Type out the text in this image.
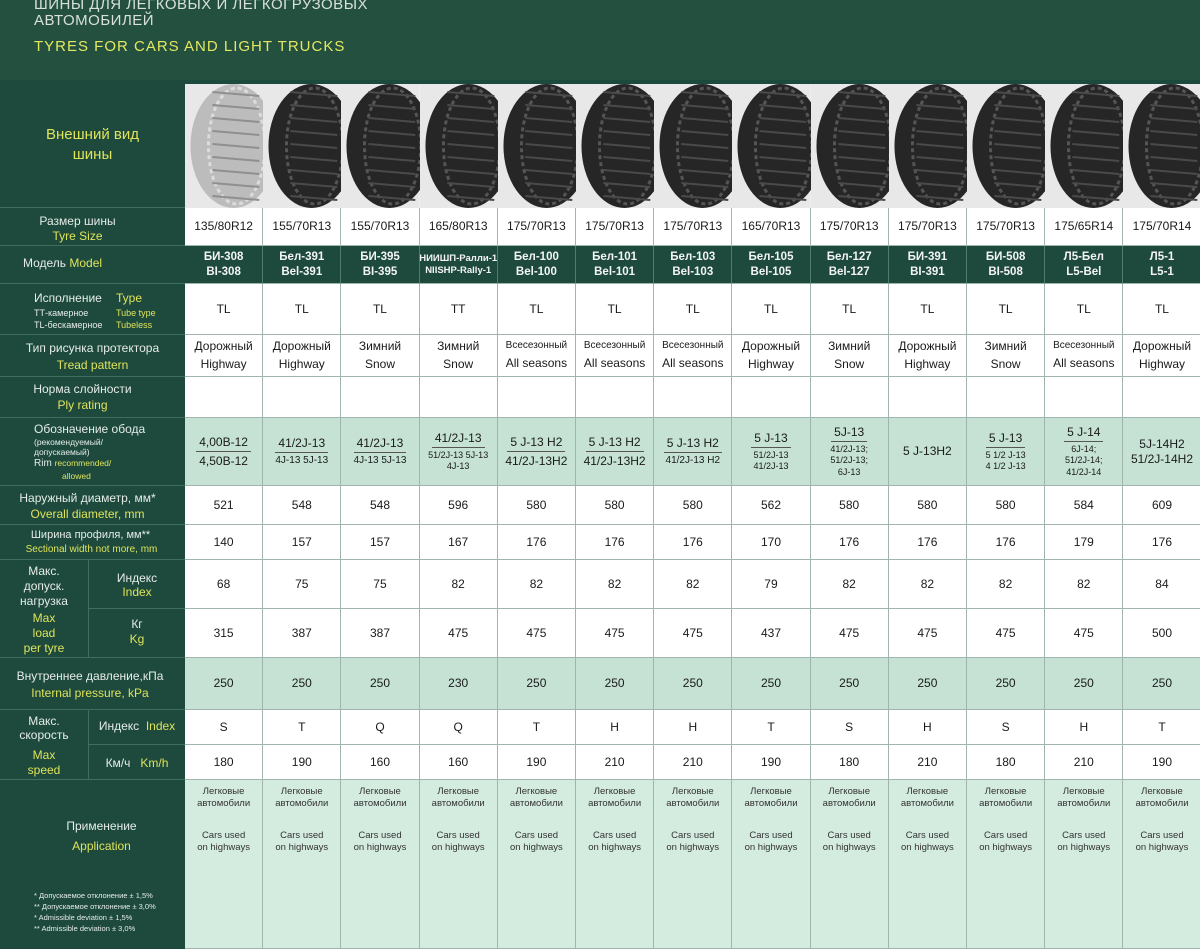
ШИНЫ ДЛЯ ЛЕГКОВЫХ И ЛЕГКОГРУЗОВЫХ
АВТОМОБИЛЕЙ
TYRES FOR CARS AND LIGHT TRUCKS
Внешний вид
шины
Размер шины
Tyre Size
Модель Model
Исполнение Type
ТТ-камерное	Tube type
TL-бескамерное Tubeless
Тип рисунка протектора
Tread pattern
Норма слойности
Ply rating
Обозначение обода
(рекомендуемый/
допускаемый)
Rim recommended/
allowed
Наружный диаметр, мм*
Overall diameter, mm
Ширина профиля, мм**
Sectional width not more, mm
Макс.
допуск.
нагрузка
Max
load
per tyre
Индекс
Index
Кг
Kg
Внутреннее давление,кПа
Internal pressure, kPa
Макс.
скорость
Max
speed
Индекс Index
Км/ч Km/h
Применение
Application
* Допускаемое отклонение ± 1,5%
** Допускаемое отклонение ± 3,0%
* Admissible deviation ± 1,5%
** Admissible deviation ± 3,0%
135/80R12
БИ-308
BI-308
TL
Дорожный
Highway
4,00B-12
4,50B-12
521
140
68
315
250
S
180
Легковые
автомобили
Cars used
on highways
155/70R13
Бел-391
Bel-391
TL
Дорожный
Highway
41/2J-13
4J-13 5J-13
548
157
75
387
250
T
190
Легковые
автомобили
Cars used
on highways
155/70R13
БИ-395
BI-395
TL
Зимний
Snow
41/2J-13
4J-13 5J-13
548
157
75
387
250
Q
160
Легковые
автомобили
Cars used
on highways
165/80R13
НИИШП-Ралли-1
NIISHP-Rally-1
TT
Зимний
Snow
41/2J-13
51/2J-13 5J-13
4J-13
596
167
82
475
230
Q
160
Легковые
автомобили
Cars used
on highways
175/70R13
Бел-100
Bel-100
TL
Всесезонный
All seasons
5 J-13 H2
41/2J-13H2
580
176
82
475
250
T
190
Легковые
автомобили
Cars used
on highways
175/70R13
Бел-101
Bel-101
TL
Всесезонный
All seasons
5 J-13 H2
41/2J-13H2
580
176
82
475
250
H
210
Легковые
автомобили
Cars used
on highways
175/70R13
Бел-103
Bel-103
TL
Всесезонный
All seasons
5 J-13 H2
41/2J-13 H2
580
176
82
475
250
H
210
Легковые
автомобили
Cars used
on highways
165/70R13
Бел-105
Bel-105
TL
Дорожный
Highway
5 J-13
51/2J-13
41/2J-13
562
170
79
437
250
T
190
Легковые
автомобили
Cars used
on highways
175/70R13
Бел-127
Bel-127
TL
Зимний
Snow
5J-13
41/2J-13;
51/2J-13;
6J-13
580
176
82
475
250
S
180
Легковые
автомобили
Cars used
on highways
175/70R13
БИ-391
BI-391
TL
Дорожный
Highway
5 J-13H2
580
176
82
475
250
H
210
Легковые
автомобили
Cars used
on highways
175/70R13
БИ-508
BI-508
TL
Зимний
Snow
5 J-13
5 1/2 J-13
4 1/2 J-13
580
176
82
475
250
S
180
Легковые
автомобили
Cars used
on highways
175/65R14
Л5-Бел
L5-Bel
TL
Всесезонный
All seasons
5 J-14
6J-14;
51/2J-14;
41/2J-14
584
179
82
475
250
H
210
Легковые
автомобили
Cars used
on highways
175/70R14
Л5-1
L5-1
TL
Дорожный
Highway
5J-14H2
51/2J-14H2
609
176
84
500
250
T
190
Легковые
автомобили
Cars used
on highways
